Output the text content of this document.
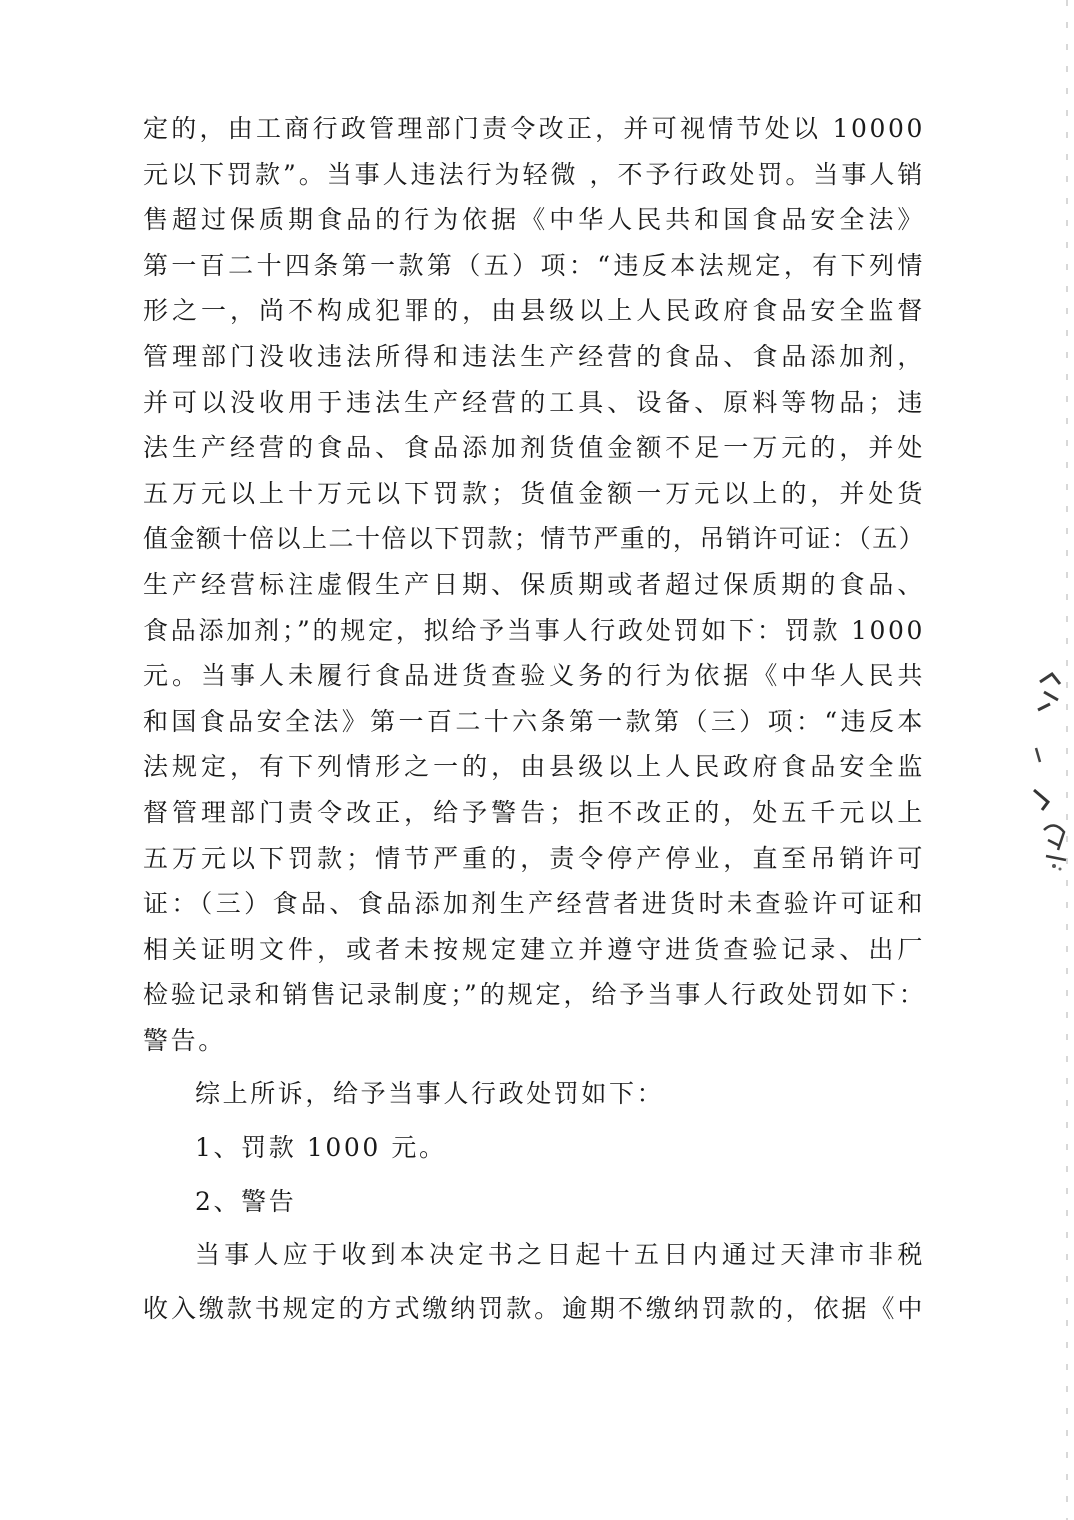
定的，由工商行政管理部门责令改正，并可视情节处以 10000
元以下罚款”。当事人违法行为轻微 ，不予行政处罚。当事人销
售超过保质期食品的行为依据《中华人民共和国食品安全法》
第一百二十四条第一款第（五）项：“违反本法规定，有下列情
形之一，尚不构成犯罪的，由县级以上人民政府食品安全监督
管理部门没收违法所得和违法生产经营的食品、食品添加剂，
并可以没收用于违法生产经营的工具、设备、原料等物品；违
法生产经营的食品、食品添加剂货值金额不足一万元的，并处
五万元以上十万元以下罚款；货值金额一万元以上的，并处货
值金额十倍以上二十倍以下罚款；情节严重的，吊销许可证：（五）
生产经营标注虚假生产日期、保质期或者超过保质期的食品、
食品添加剂；”的规定，拟给予当事人行政处罚如下：罚款 1000
元。当事人未履行食品进货查验义务的行为依据《中华人民共
和国食品安全法》第一百二十六条第一款第（三）项：“违反本
法规定，有下列情形之一的，由县级以上人民政府食品安全监
督管理部门责令改正，给予警告；拒不改正的，处五千元以上
五万元以下罚款；情节严重的，责令停产停业，直至吊销许可
证：（三）食品、食品添加剂生产经营者进货时未查验许可证和
相关证明文件，或者未按规定建立并遵守进货查验记录、出厂
检验记录和销售记录制度；”的规定，给予当事人行政处罚如下：
警告。
综上所诉，给予当事人行政处罚如下：
1、罚款 1000 元。
2、警告
当事人应于收到本决定书之日起十五日内通过天津市非税
收入缴款书规定的方式缴纳罚款。逾期不缴纳罚款的，依据《中
